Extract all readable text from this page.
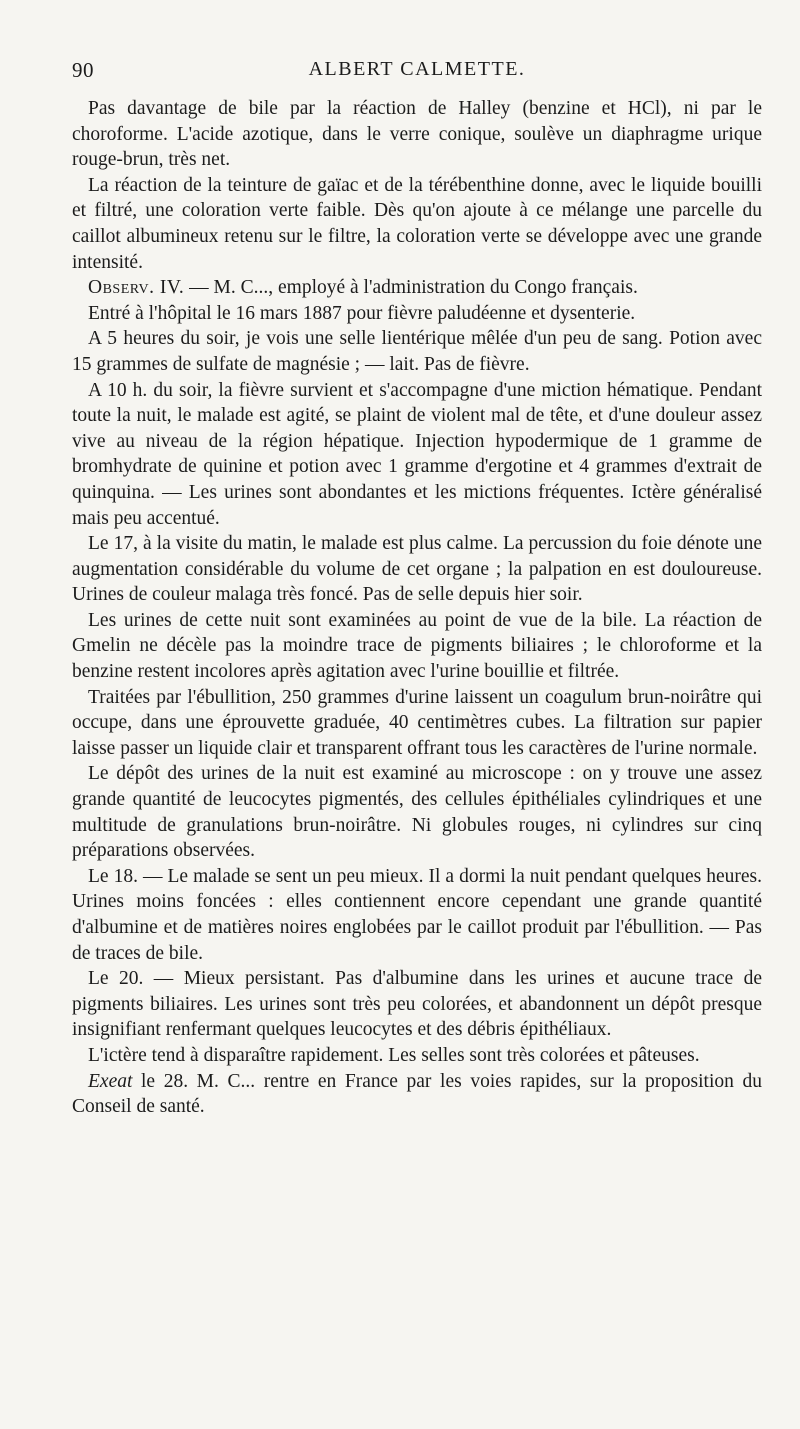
90	ALBERT CALMETTE.

Pas davantage de bile par la réaction de Halley (benzine et HCl), ni par le choroforme. L'acide azotique, dans le verre conique, soulève un diaphragme urique rouge-brun, très net.

La réaction de la teinture de gaïac et de la térébenthine donne, avec le liquide bouilli et filtré, une coloration verte faible. Dès qu'on ajoute à ce mélange une parcelle du caillot albumineux retenu sur le filtre, la coloration verte se développe avec une grande intensité.

Observ. IV. — M. C..., employé à l'administration du Congo français.

Entré à l'hôpital le 16 mars 1887 pour fièvre paludéenne et dysenterie.

A 5 heures du soir, je vois une selle lientérique mêlée d'un peu de sang. Potion avec 15 grammes de sulfate de magnésie ; — lait. Pas de fièvre.

A 10 h. du soir, la fièvre survient et s'accompagne d'une miction hématique. Pendant toute la nuit, le malade est agité, se plaint de violent mal de tête, et d'une douleur assez vive au niveau de la région hépatique. Injection hypodermique de 1 gramme de bromhydrate de quinine et potion avec 1 gramme d'ergotine et 4 grammes d'extrait de quinquina. — Les urines sont abondantes et les mictions fréquentes. Ictère généralisé mais peu accentué.

Le 17, à la visite du matin, le malade est plus calme. La percussion du foie dénote une augmentation considérable du volume de cet organe ; la palpation en est douloureuse. Urines de couleur malaga très foncé. Pas de selle depuis hier soir.

Les urines de cette nuit sont examinées au point de vue de la bile. La réaction de Gmelin ne décèle pas la moindre trace de pigments biliaires ; le chloroforme et la benzine restent incolores après agitation avec l'urine bouillie et filtrée.

Traitées par l'ébullition, 250 grammes d'urine laissent un coagulum brun-noirâtre qui occupe, dans une éprouvette graduée, 40 centimètres cubes. La filtration sur papier laisse passer un liquide clair et transparent offrant tous les caractères de l'urine normale.

Le dépôt des urines de la nuit est examiné au microscope : on y trouve une assez grande quantité de leucocytes pigmentés, des cellules épithéliales cylindriques et une multitude de granulations brun-noirâtre. Ni globules rouges, ni cylindres sur cinq préparations observées.

Le 18. — Le malade se sent un peu mieux. Il a dormi la nuit pendant quelques heures. Urines moins foncées : elles contiennent encore cependant une grande quantité d'albumine et de matières noires englobées par le caillot produit par l'ébullition. — Pas de traces de bile.

Le 20. — Mieux persistant. Pas d'albumine dans les urines et aucune trace de pigments biliaires. Les urines sont très peu colorées, et abandonnent un dépôt presque insignifiant renfermant quelques leucocytes et des débris épithéliaux.

L'ictère tend à disparaître rapidement. Les selles sont très colorées et pâteuses.

Exeat le 28. M. C... rentre en France par les voies rapides, sur la proposition du Conseil de santé.
